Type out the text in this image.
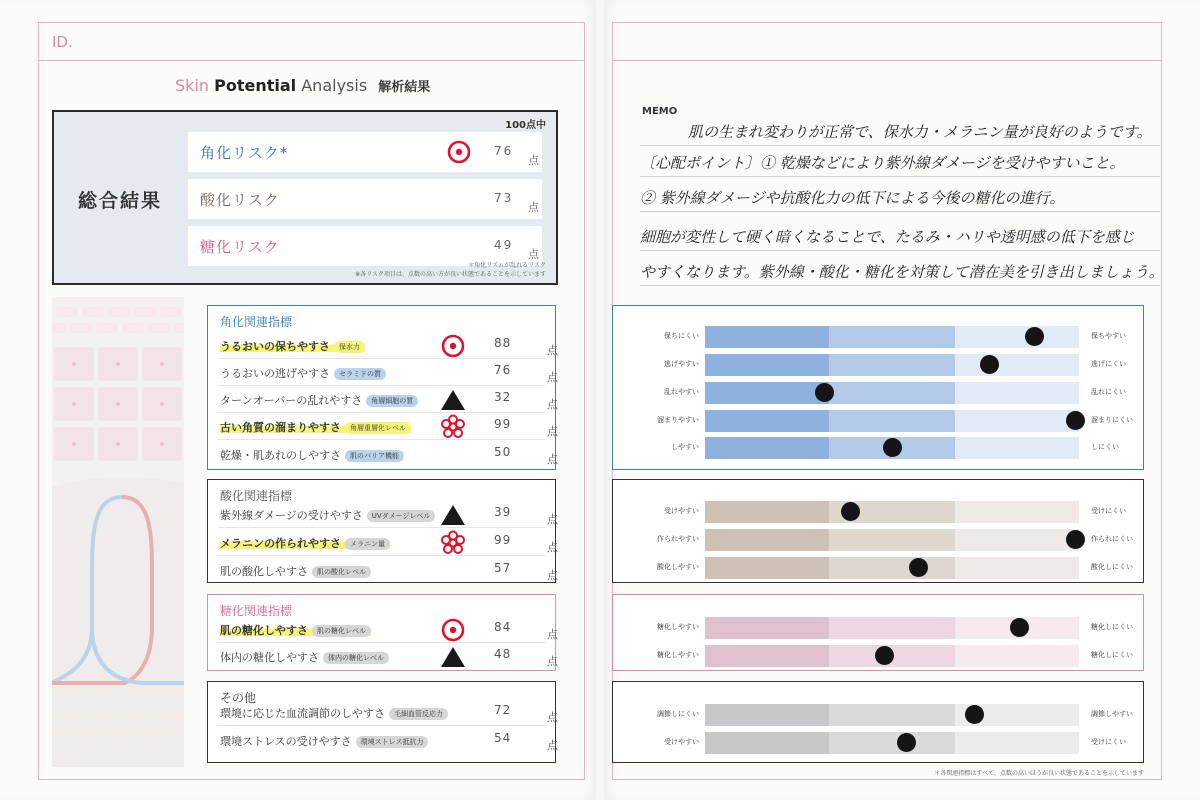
ID.
Skin Potential Analysis 解析結果
総合結果
100点中
角化リスク*	76
点
酸化リスク	73
点
糖化リスク	49
点
＊角化リズムが乱れるリスク
※各リスク項目は、点数の高い方が良い状態であることを示しています
角化関連指標
うるおいの保ちやすさ 保水力	88
点
うるおいの逃げやすさ セラミドの質	76
点
ターンオーバーの乱れやすさ 角層細胞の質	32
点
古い角質の溜まりやすさ 角層重層化レベル	99
点
乾燥・肌あれのしやすさ 肌のバリア機能	50
点
酸化関連指標
紫外線ダメージの受けやすさ UVダメージレベル	39
点
メラニンの作られやすさ メラニン量	99
点
肌の酸化しやすさ 肌の酸化レベル	57
点
糖化関連指標
肌の糖化しやすさ 肌の糖化レベル	84
点
体内の糖化しやすさ 体内の糖化レベル	48
点
その他
環境に応じた血流調節のしやすさ 毛細血管反応力	72
点
環境ストレスの受けやすさ 環境ストレス抵抗力	54
点
MEMO
肌の生まれ変わりが正常で、保水力・メラニン量が良好のようです。
〔心配ポイント〕① 乾燥などにより紫外線ダメージを受けやすいこと。
② 紫外線ダメージや抗酸化力の低下による今後の糖化の進行。
細胞が変性して硬く暗くなることで、たるみ・ハリや透明感の低下を感じ
やすくなります。紫外線・酸化・糖化を対策して潜在美を引き出しましょう。
保ちにくい	保ちやすい
逃げやすい	逃げにくい
乱れやすい	乱れにくい
溜まりやすい	溜まりにくい
しやすい	しにくい
受けやすい	受けにくい
作られやすい	作られにくい
酸化しやすい	酸化しにくい
糖化しやすい	糖化しにくい
糖化しやすい	糖化しにくい
調節しにくい	調節しやすい
受けやすい	受けにくい
＊各関連指標はすべて、点数の高いほうが良い状態であることを示しています
